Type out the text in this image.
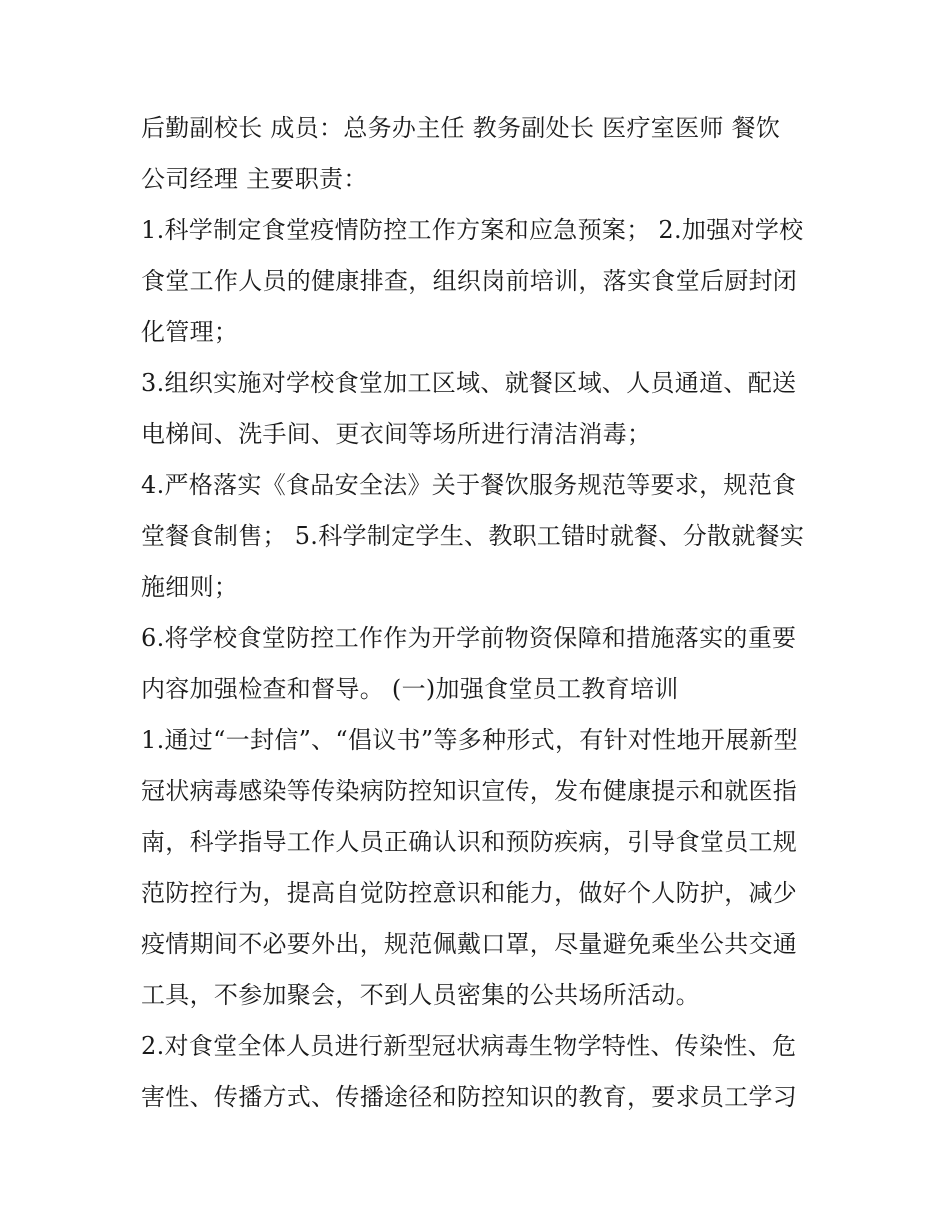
后勤副校长 成员：总务办主任 教务副处长 医疗室医师 餐饮
公司经理 主要职责：
1.科学制定食堂疫情防控工作方案和应急预案； 2.加强对学校
食堂工作人员的健康排查，组织岗前培训，落实食堂后厨封闭
化管理；
3.组织实施对学校食堂加工区域、就餐区域、人员通道、配送
电梯间、洗手间、更衣间等场所进行清洁消毒；
4.严格落实《食品安全法》关于餐饮服务规范等要求，规范食
堂餐食制售； 5.科学制定学生、教职工错时就餐、分散就餐实
施细则；
6.将学校食堂防控工作作为开学前物资保障和措施落实的重要
内容加强检查和督导。 (一)加强食堂员工教育培训
1.通过“一封信”、“倡议书”等多种形式，有针对性地开展新型
冠状病毒感染等传染病防控知识宣传，发布健康提示和就医指
南，科学指导工作人员正确认识和预防疾病，引导食堂员工规
范防控行为，提高自觉防控意识和能力，做好个人防护，减少
疫情期间不必要外出，规范佩戴口罩，尽量避免乘坐公共交通
工具，不参加聚会，不到人员密集的公共场所活动。
2.对食堂全体人员进行新型冠状病毒生物学特性、传染性、危
害性、传播方式、传播途径和防控知识的教育，要求员工学习
